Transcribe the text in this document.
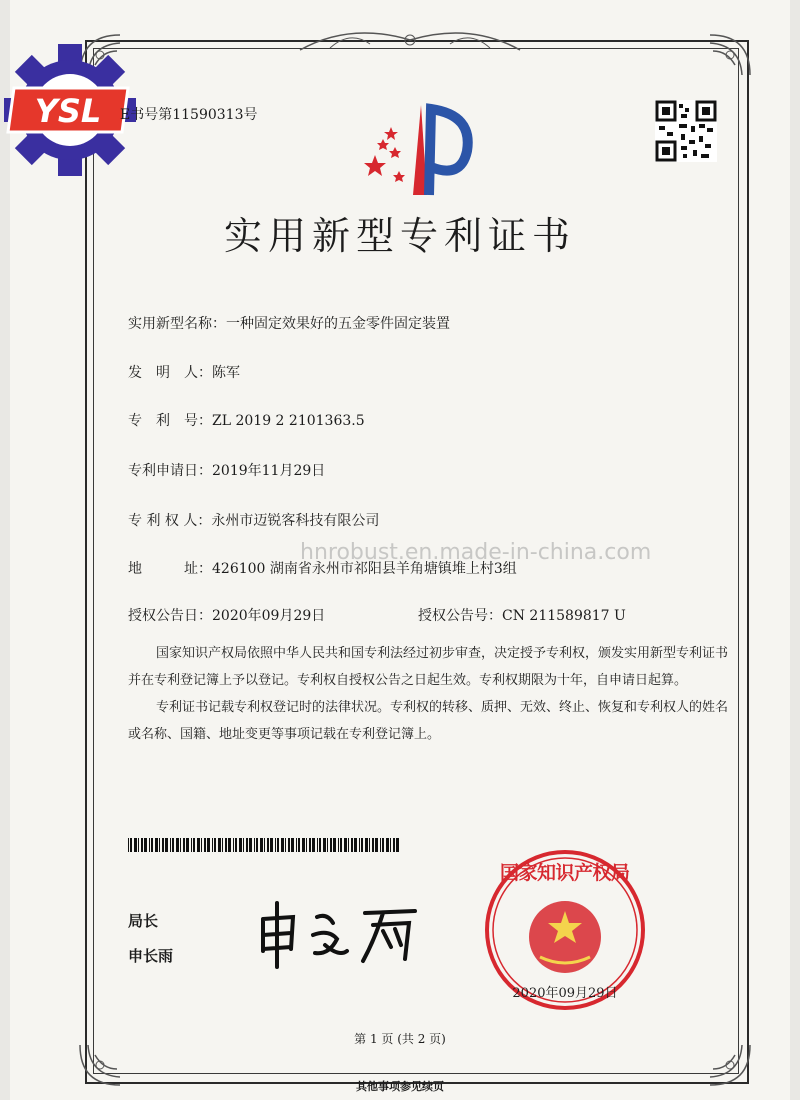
YSL E书号第11590313号
实用新型专利证书
实用新型名称：一种固定效果好的五金零件固定装置
发　明　人：陈军
专　利　号：ZL 2019 2 2101363.5
专利申请日：2019年11月29日
专 利 权 人：永州市迈锐客科技有限公司
地　　　址：426100 湖南省永州市祁阳县羊角塘镇堆上村3组
授权公告日：2020年09月29日	授权公告号：CN 211589817 U
hnrobust.en.made-in-china.com

国家知识产权局依照中华人民共和国专利法经过初步审查，决定授予专利权，颁发实用新型专利证书并在专利登记簿上予以登记。专利权自授权公告之日起生效。专利权期限为十年，自申请日起算。

专利证书记载专利权登记时的法律状况。专利权的转移、质押、无效、终止、恢复和专利权人的姓名或名称、国籍、地址变更等事项记载在专利登记簿上。

局长
申长雨
2020年09月29日
国家知识产权局
第 1 页 (共 2 页)
其他事项参见续页
